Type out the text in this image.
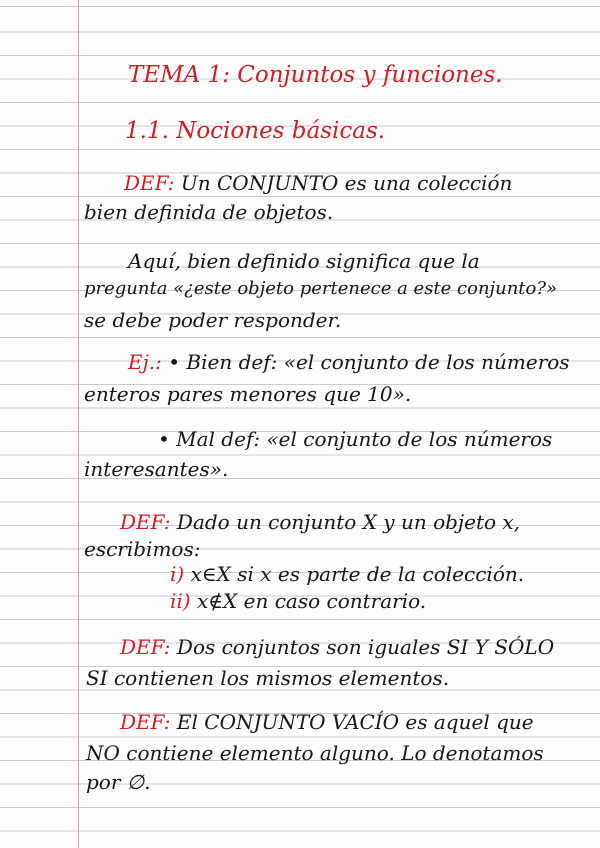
TEMA 1: Conjuntos y funciones.
1.1. Nociones básicas.
DEF: Un CONJUNTO es una colección
bien definida de objetos.
Aquí, bien definido significa que la
pregunta «¿este objeto pertenece a este conjunto?»
se debe poder responder.
Ej.: • Bien def: «el conjunto de los números
enteros pares menores que 10».
• Mal def: «el conjunto de los números
interesantes».
DEF: Dado un conjunto X y un objeto x,
escribimos:
i) x∈X si x es parte de la colección.
ii) x∉X en caso contrario.
DEF: Dos conjuntos son iguales SI Y SÓLO
SI contienen los mismos elementos.
DEF: El CONJUNTO VACÍO es aquel que
NO contiene elemento alguno. Lo denotamos
por ∅.
